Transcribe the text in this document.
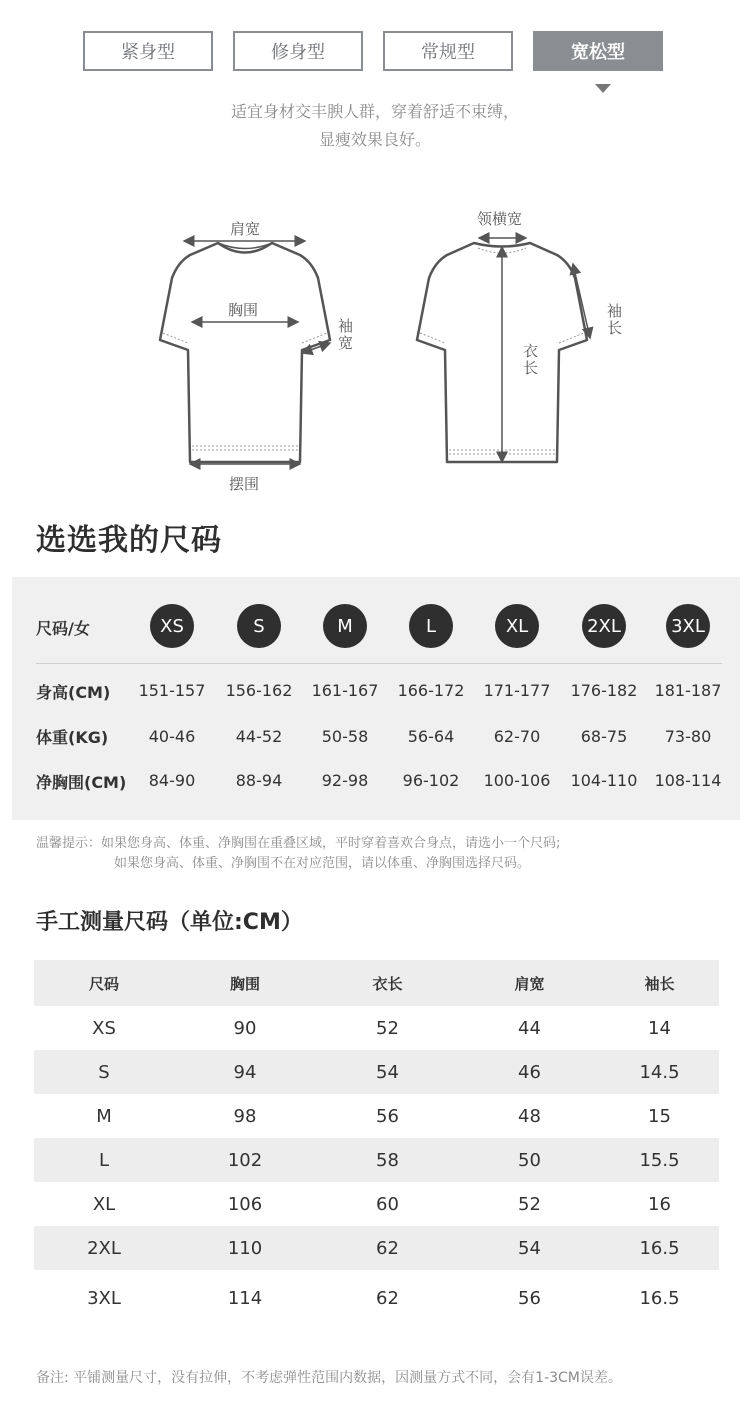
紧身型	修身型	常规型	宽松型
适宜身材交丰腴人群，穿着舒适不束缚，
显瘦效果良好。
肩宽
胸围
袖宽
摆围
领横宽
袖长
衣长
选选我的尺码
尺码/女	XS	S	M	L	XL	2XL	3XL
身高(CM)	151-157	156-162	161-167	166-172	171-177	176-182	181-187
体重(KG)	40-46	44-52	50-58	56-64	62-70	68-75	73-80
净胸围(CM)	84-90	88-94	92-98	96-102	100-106	104-110	108-114
温馨提示：如果您身高、体重、净胸围在重叠区域，平时穿着喜欢合身点，请选小一个尺码;
如果您身高、体重、净胸围不在对应范围，请以体重、净胸围选择尺码。
手工测量尺码（单位:CM）
尺码	胸围	衣长	肩宽	袖长
XS	90	52	44	14
S	94	54	46	14.5
M	98	56	48	15
L	102	58	50	15.5
XL	106	60	52	16
2XL	110	62	54	16.5
3XL	114	62	56	16.5
备注: 平铺测量尺寸，没有拉伸，不考虑弹性范围内数据，因测量方式不同，会有1-3CM误差。
